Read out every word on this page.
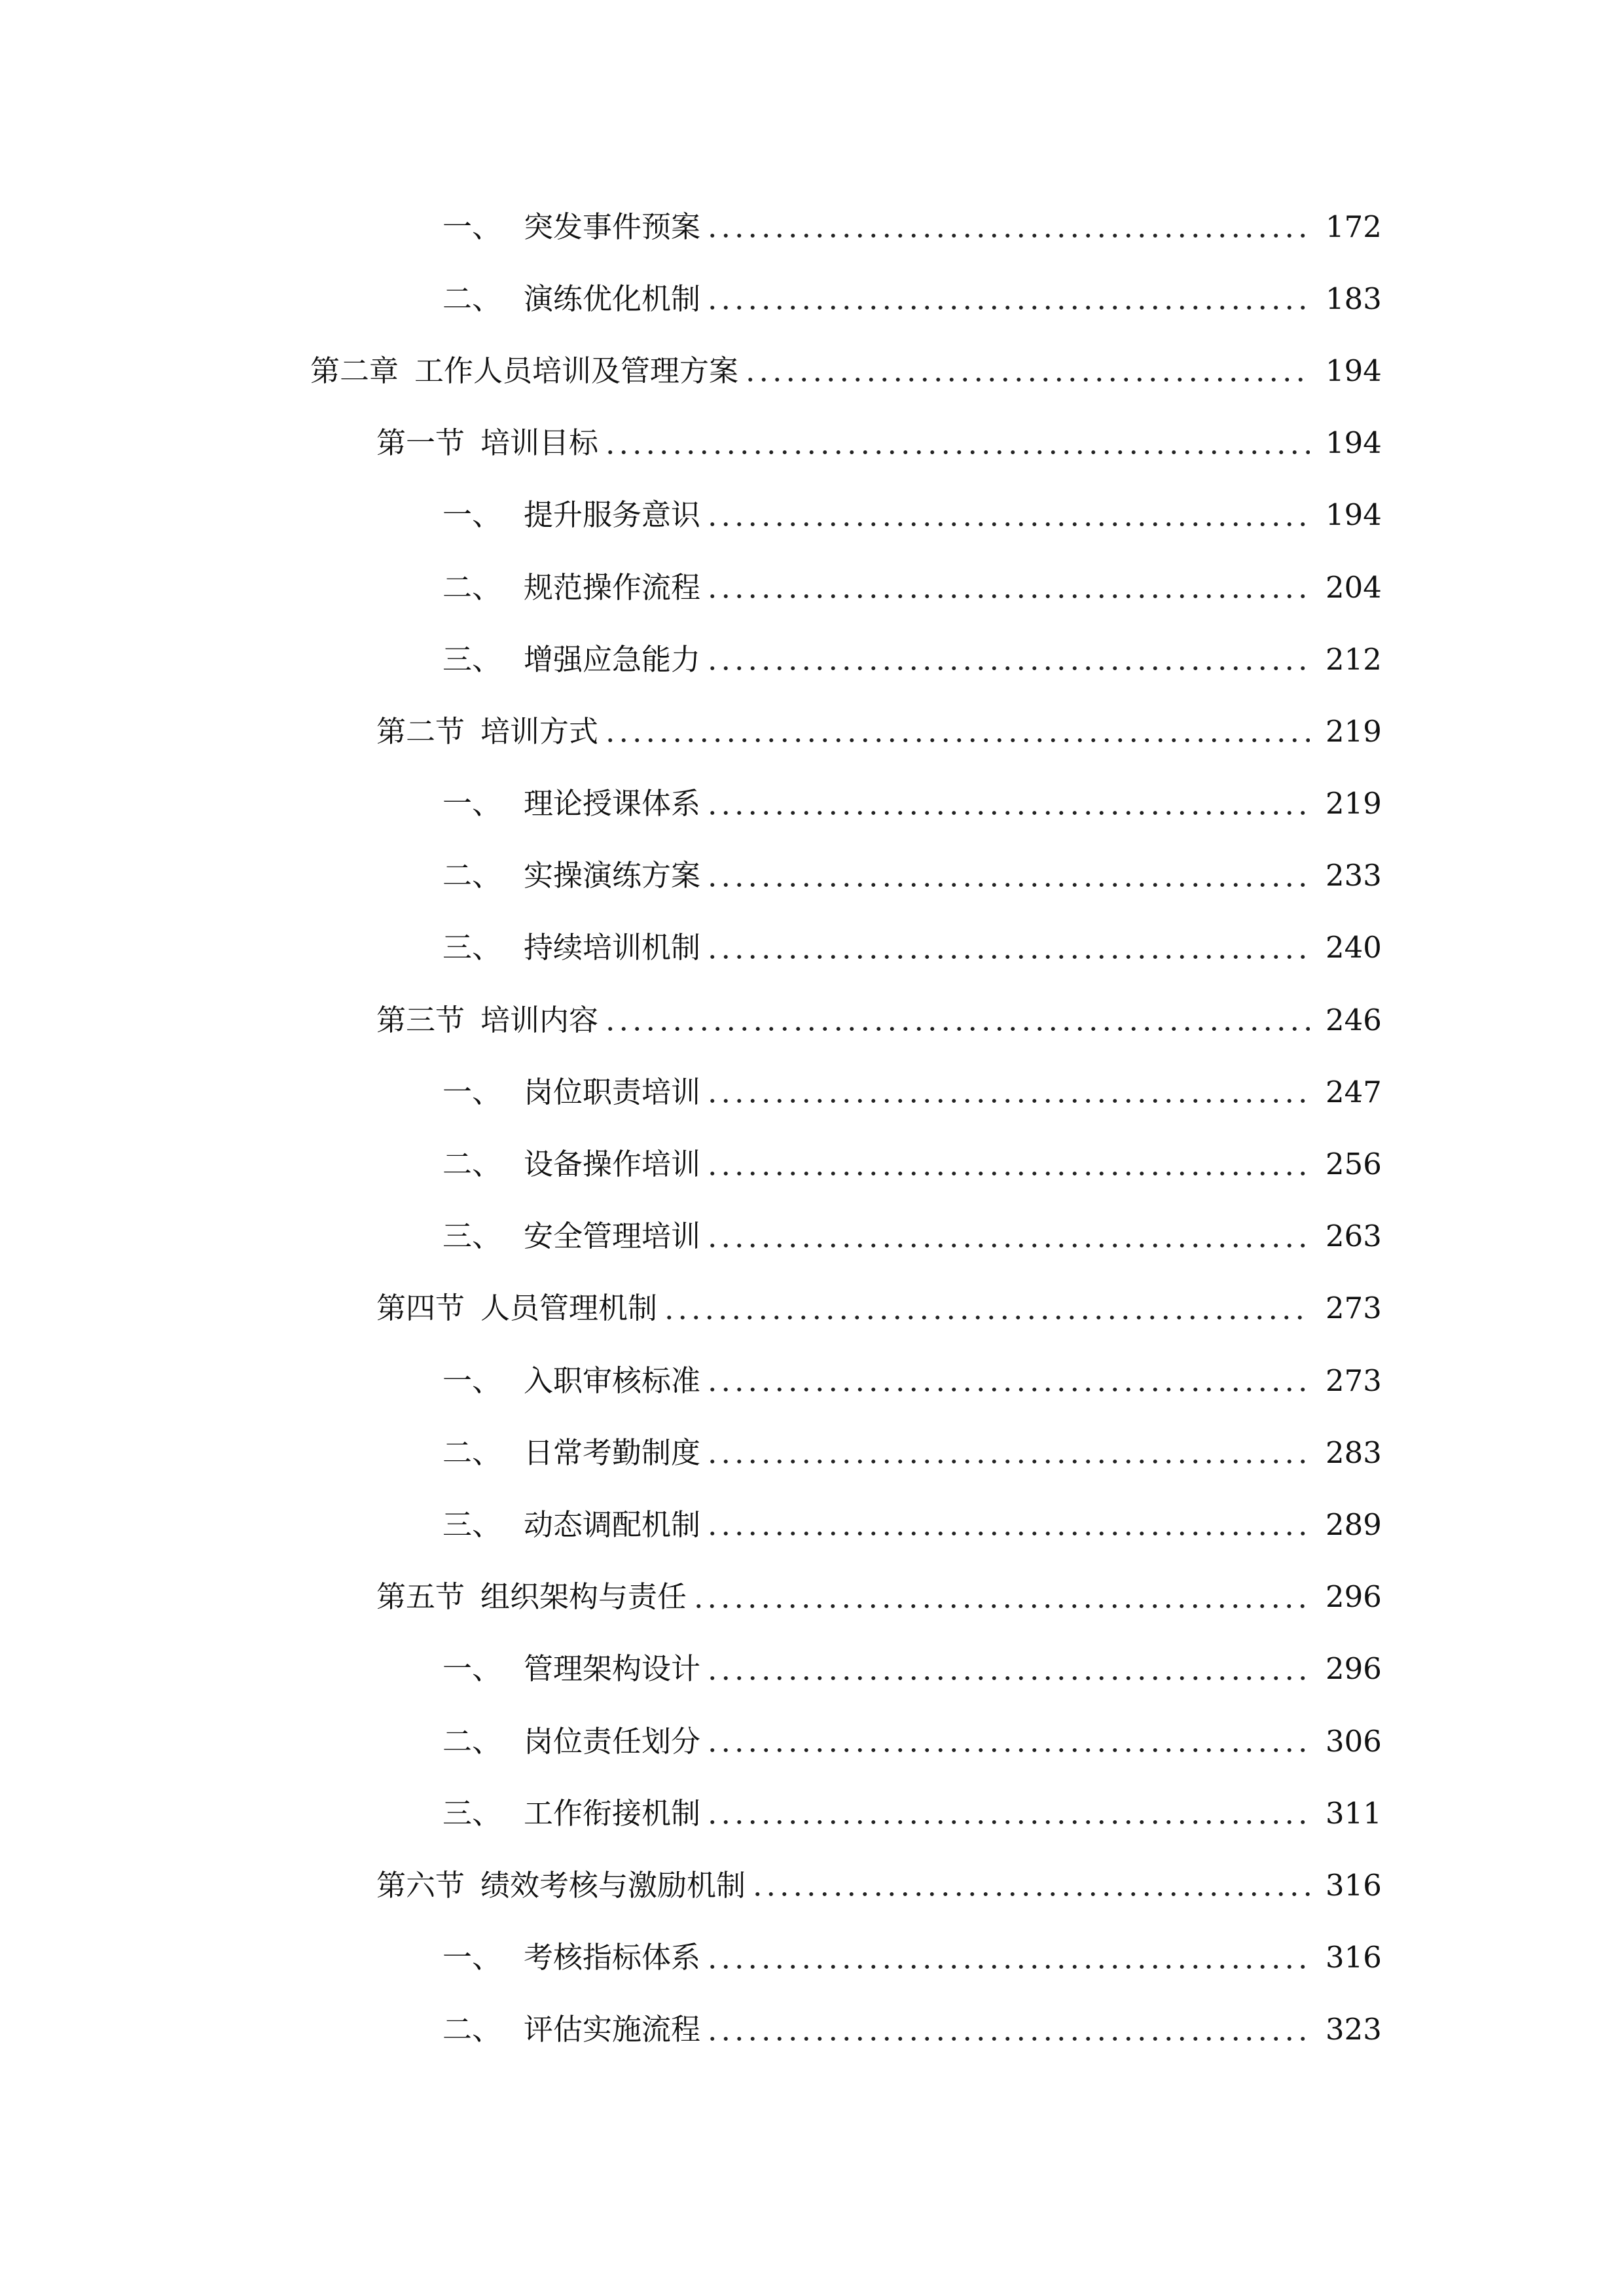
一、 突发事件预案	172
二、 演练优化机制	183
第二章 工作人员培训及管理方案	194
第一节 培训目标	194
一、 提升服务意识	194
二、 规范操作流程	204
三、 增强应急能力	212
第二节 培训方式	219
一、 理论授课体系	219
二、 实操演练方案	233
三、 持续培训机制	240
第三节 培训内容	246
一、 岗位职责培训	247
二、 设备操作培训	256
三、 安全管理培训	263
第四节 人员管理机制	273
一、 入职审核标准	273
二、 日常考勤制度	283
三、 动态调配机制	289
第五节 组织架构与责任	296
一、 管理架构设计	296
二、 岗位责任划分	306
三、 工作衔接机制	311
第六节 绩效考核与激励机制	316
一、 考核指标体系	316
二、 评估实施流程	323
